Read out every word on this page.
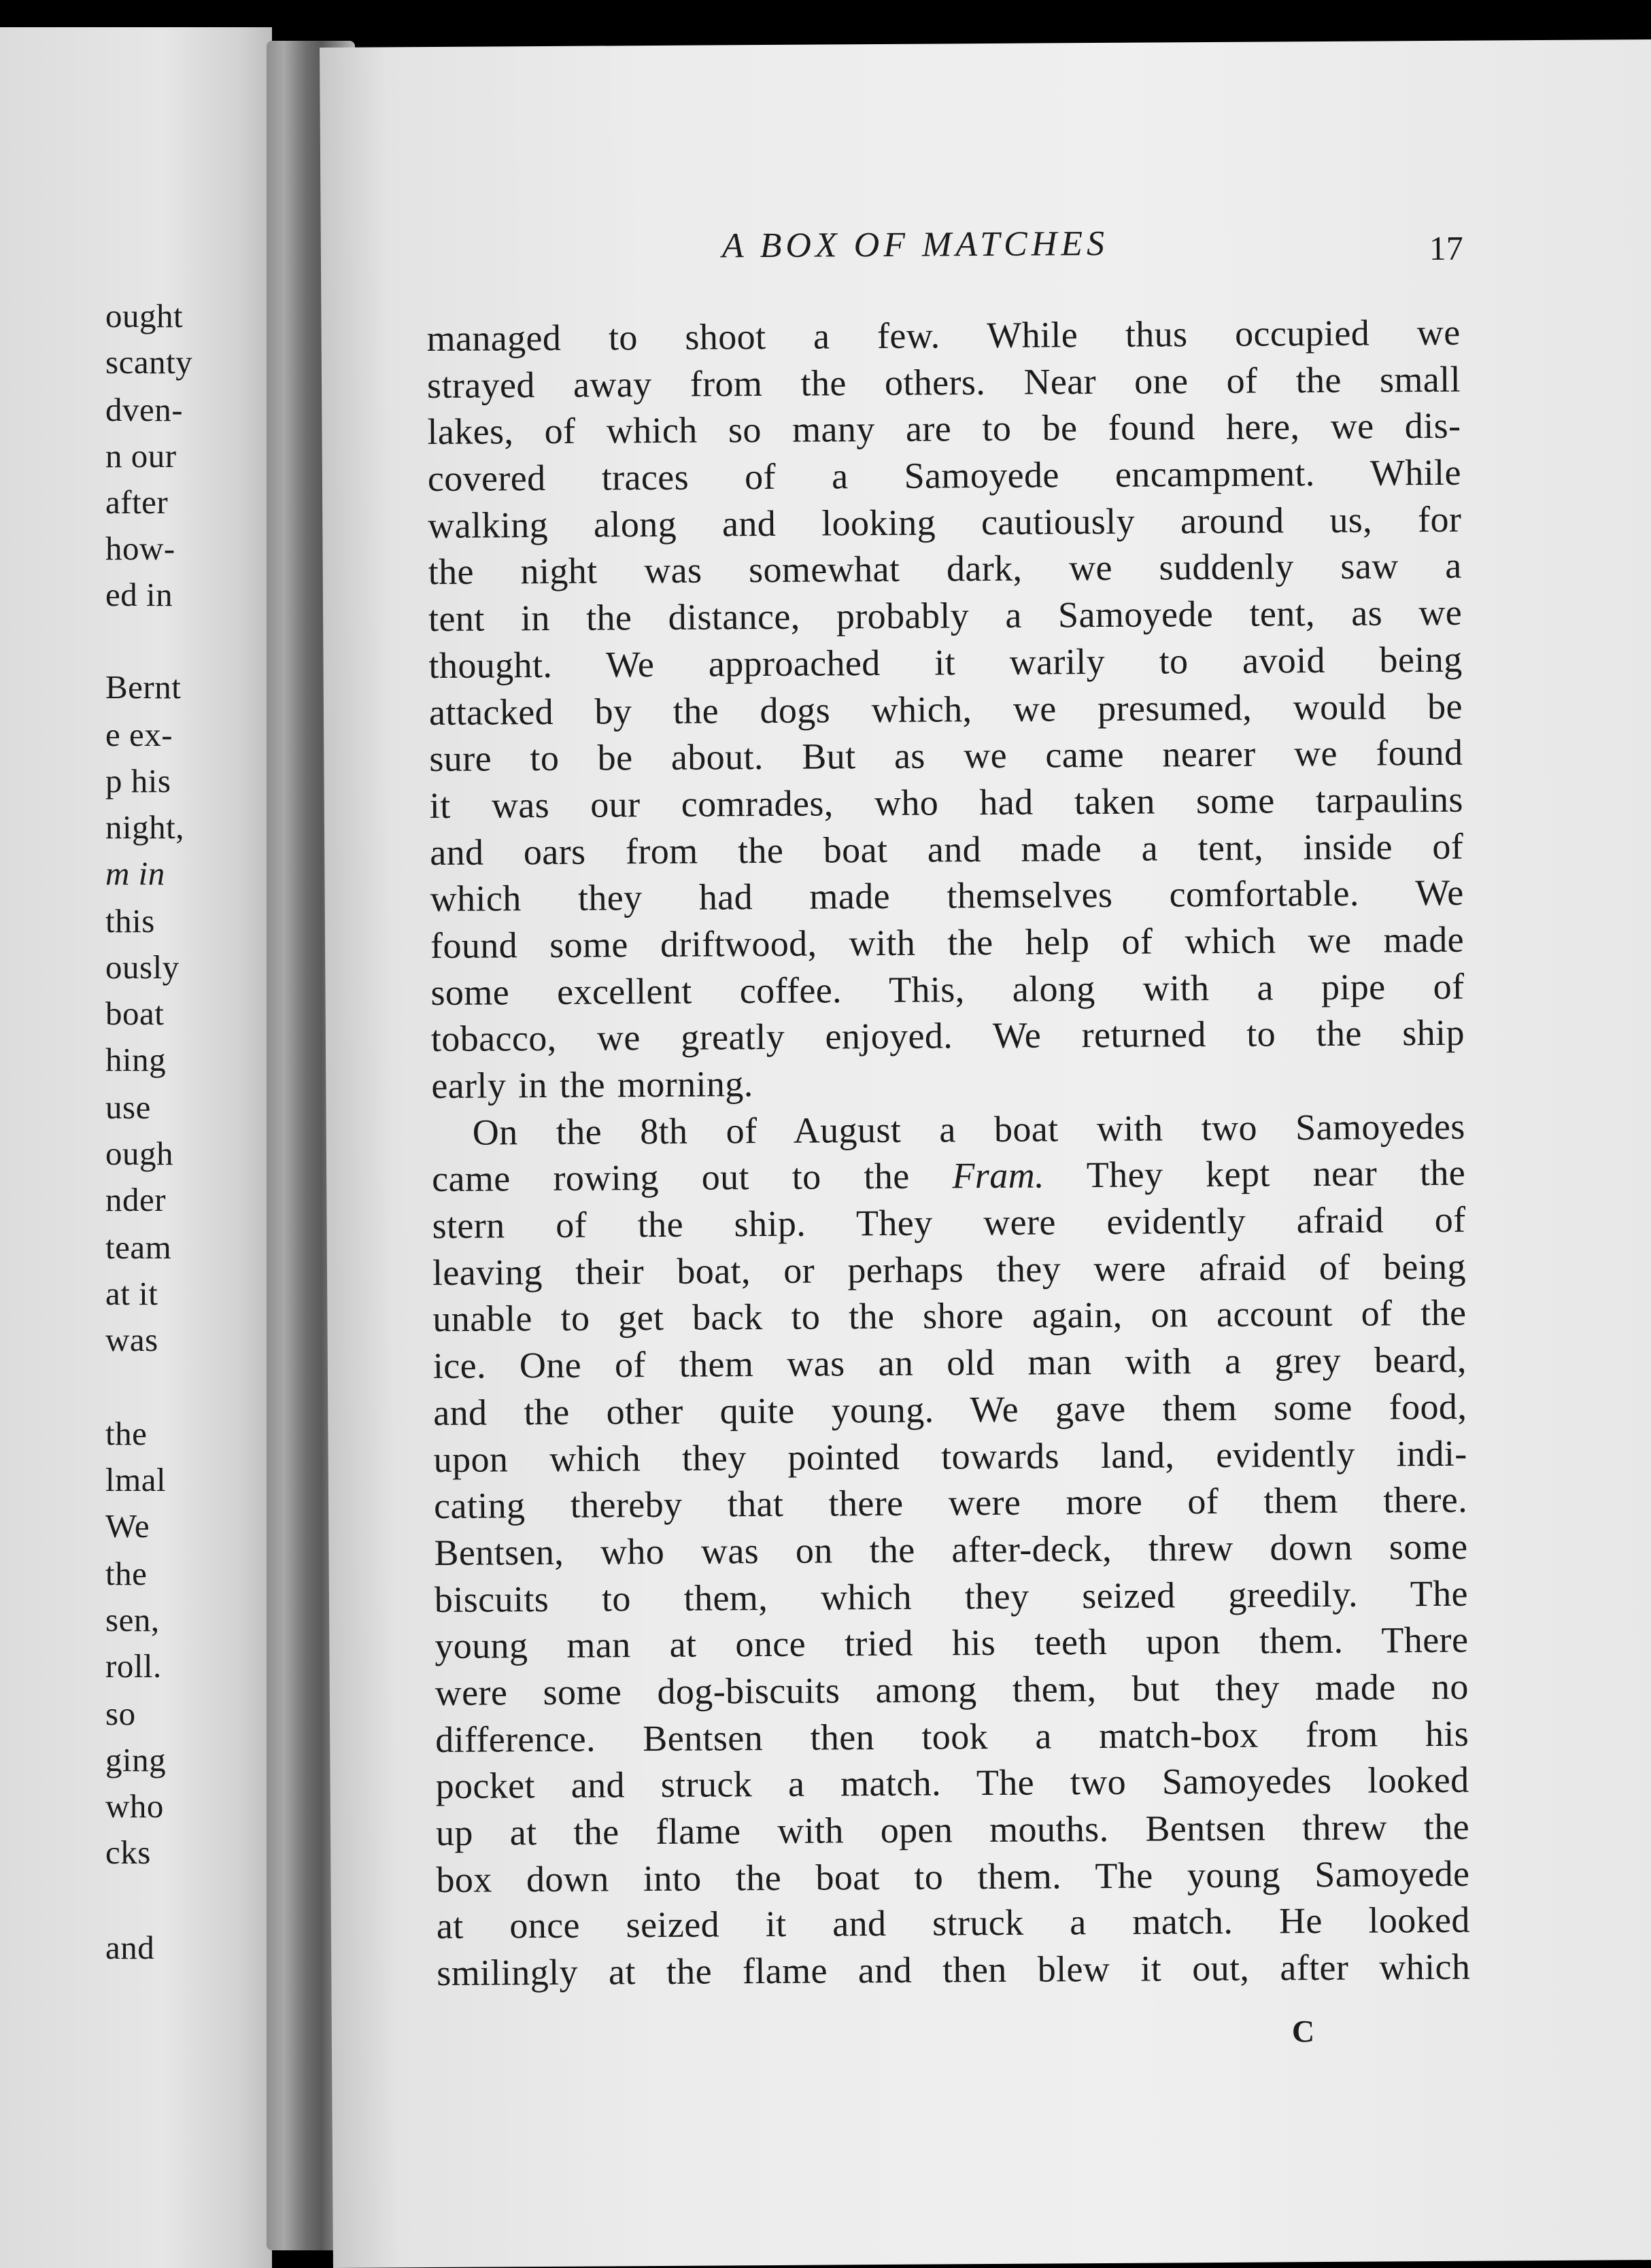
ought
scanty
dven-
n our
after
how-
ed in
Bernt
e ex-
p his
night,
m in
this
ously
boat
hing
use
ough
nder
team
at it
was
the
lmal
We
the
sen,
roll.
so
ging
who
cks
and
A BOX OF MATCHES	17
managed to shoot a few. While thus occupied we
strayed away from the others. Near one of the small
lakes, of which so many are to be found here, we dis-
covered traces of a Samoyede encampment. While
walking along and looking cautiously around us, for
the night was somewhat dark, we suddenly saw a
tent in the distance, probably a Samoyede tent, as we
thought. We approached it warily to avoid being
attacked by the dogs which, we presumed, would be
sure to be about. But as we came nearer we found
it was our comrades, who had taken some tarpaulins
and oars from the boat and made a tent, inside of
which they had made themselves comfortable. We
found some driftwood, with the help of which we made
some excellent coffee. This, along with a pipe of
tobacco, we greatly enjoyed. We returned to the ship
early in the morning.
On the 8th of August a boat with two Samoyedes
came rowing out to the Fram. They kept near the
stern of the ship. They were evidently afraid of
leaving their boat, or perhaps they were afraid of being
unable to get back to the shore again, on account of the
ice. One of them was an old man with a grey beard,
and the other quite young. We gave them some food,
upon which they pointed towards land, evidently indi-
cating thereby that there were more of them there.
Bentsen, who was on the after-deck, threw down some
biscuits to them, which they seized greedily. The
young man at once tried his teeth upon them. There
were some dog-biscuits among them, but they made no
difference. Bentsen then took a match-box from his
pocket and struck a match. The two Samoyedes looked
up at the flame with open mouths. Bentsen threw the
box down into the boat to them. The young Samoyede
at once seized it and struck a match. He looked
smilingly at the flame and then blew it out, after which
C
